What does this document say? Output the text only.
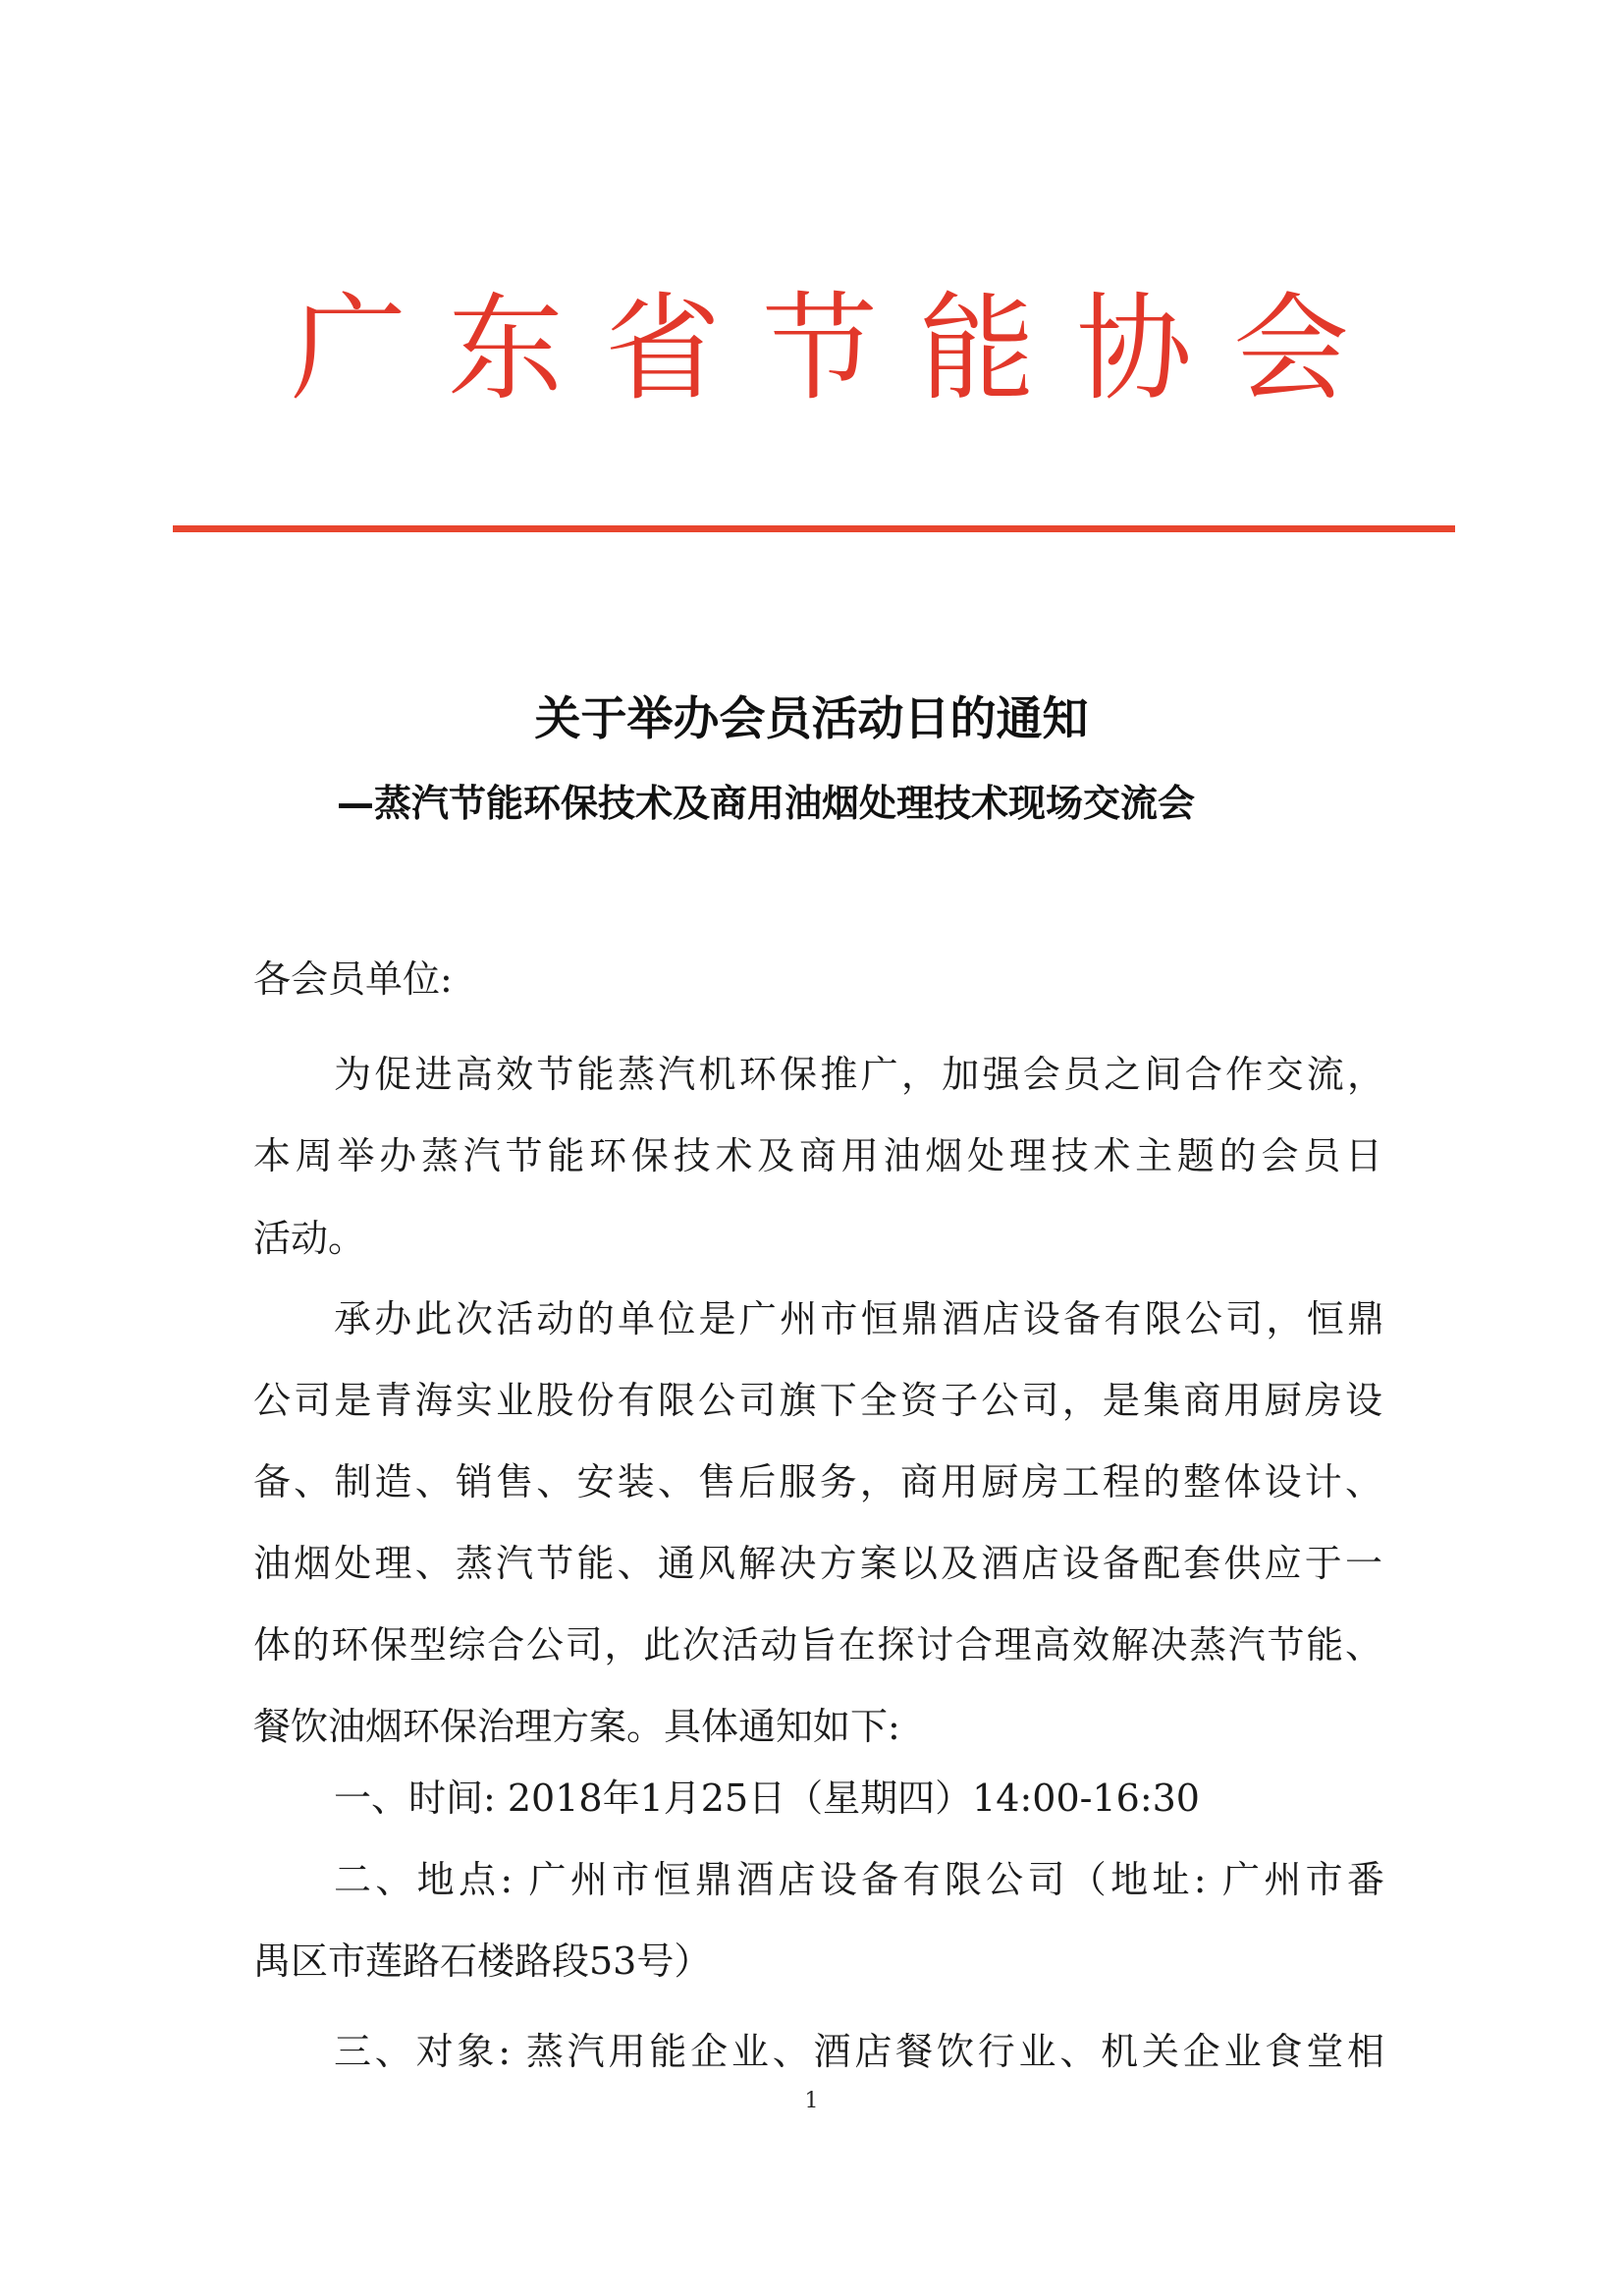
广东省节能协会
关于举办会员活动日的通知
—蒸汽节能环保技术及商用油烟处理技术现场交流会
各会员单位:
为促进高效节能蒸汽机环保推广，加强会员之间合作交流，
本周举办蒸汽节能环保技术及商用油烟处理技术主题的会员日
活动。
承办此次活动的单位是广州市恒鼎酒店设备有限公司，恒鼎
公司是青海实业股份有限公司旗下全资子公司，是集商用厨房设
备、制造、销售、安装、售后服务，商用厨房工程的整体设计、
油烟处理、蒸汽节能、通风解决方案以及酒店设备配套供应于一
体的环保型综合公司，此次活动旨在探讨合理高效解决蒸汽节能、
餐饮油烟环保治理方案。具体通知如下:
一、时间: 2018年1月25日（星期四）14:00-16:30
二、地点: 广州市恒鼎酒店设备有限公司（地址: 广州市番
禺区市莲路石楼路段53号）
三、对象: 蒸汽用能企业、酒店餐饮行业、机关企业食堂相
1
